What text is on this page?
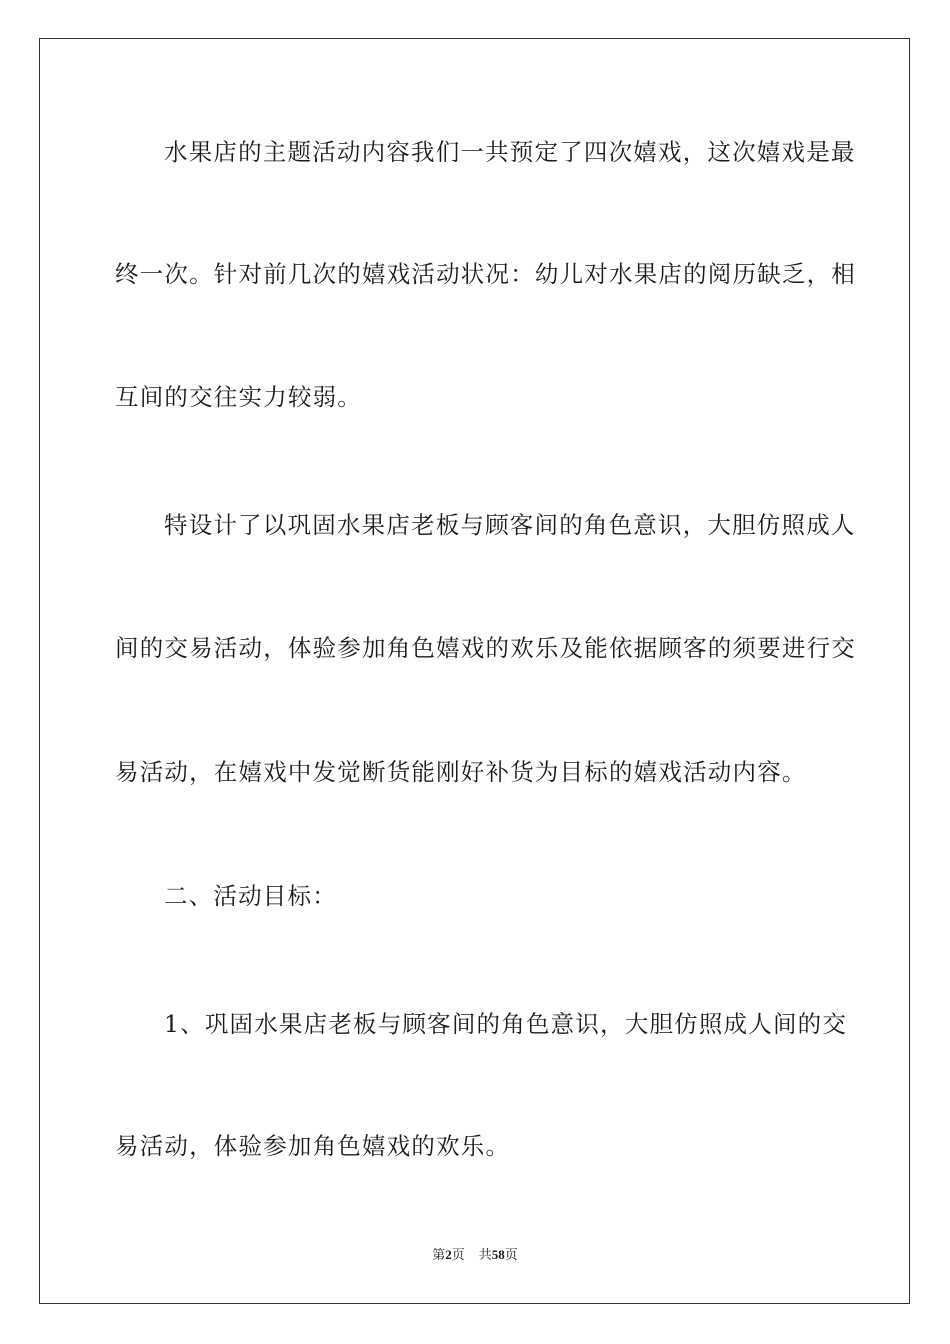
水果店的主题活动内容我们一共预定了四次嬉戏，这次嬉戏是最

终一次。针对前几次的嬉戏活动状况：幼儿对水果店的阅历缺乏，相

互间的交往实力较弱。

特设计了以巩固水果店老板与顾客间的角色意识，大胆仿照成人

间的交易活动，体验参加角色嬉戏的欢乐及能依据顾客的须要进行交

易活动，在嬉戏中发觉断货能刚好补货为目标的嬉戏活动内容。

二、活动目标：

1、巩固水果店老板与顾客间的角色意识，大胆仿照成人间的交

易活动，体验参加角色嬉戏的欢乐。

第2页 共58页
